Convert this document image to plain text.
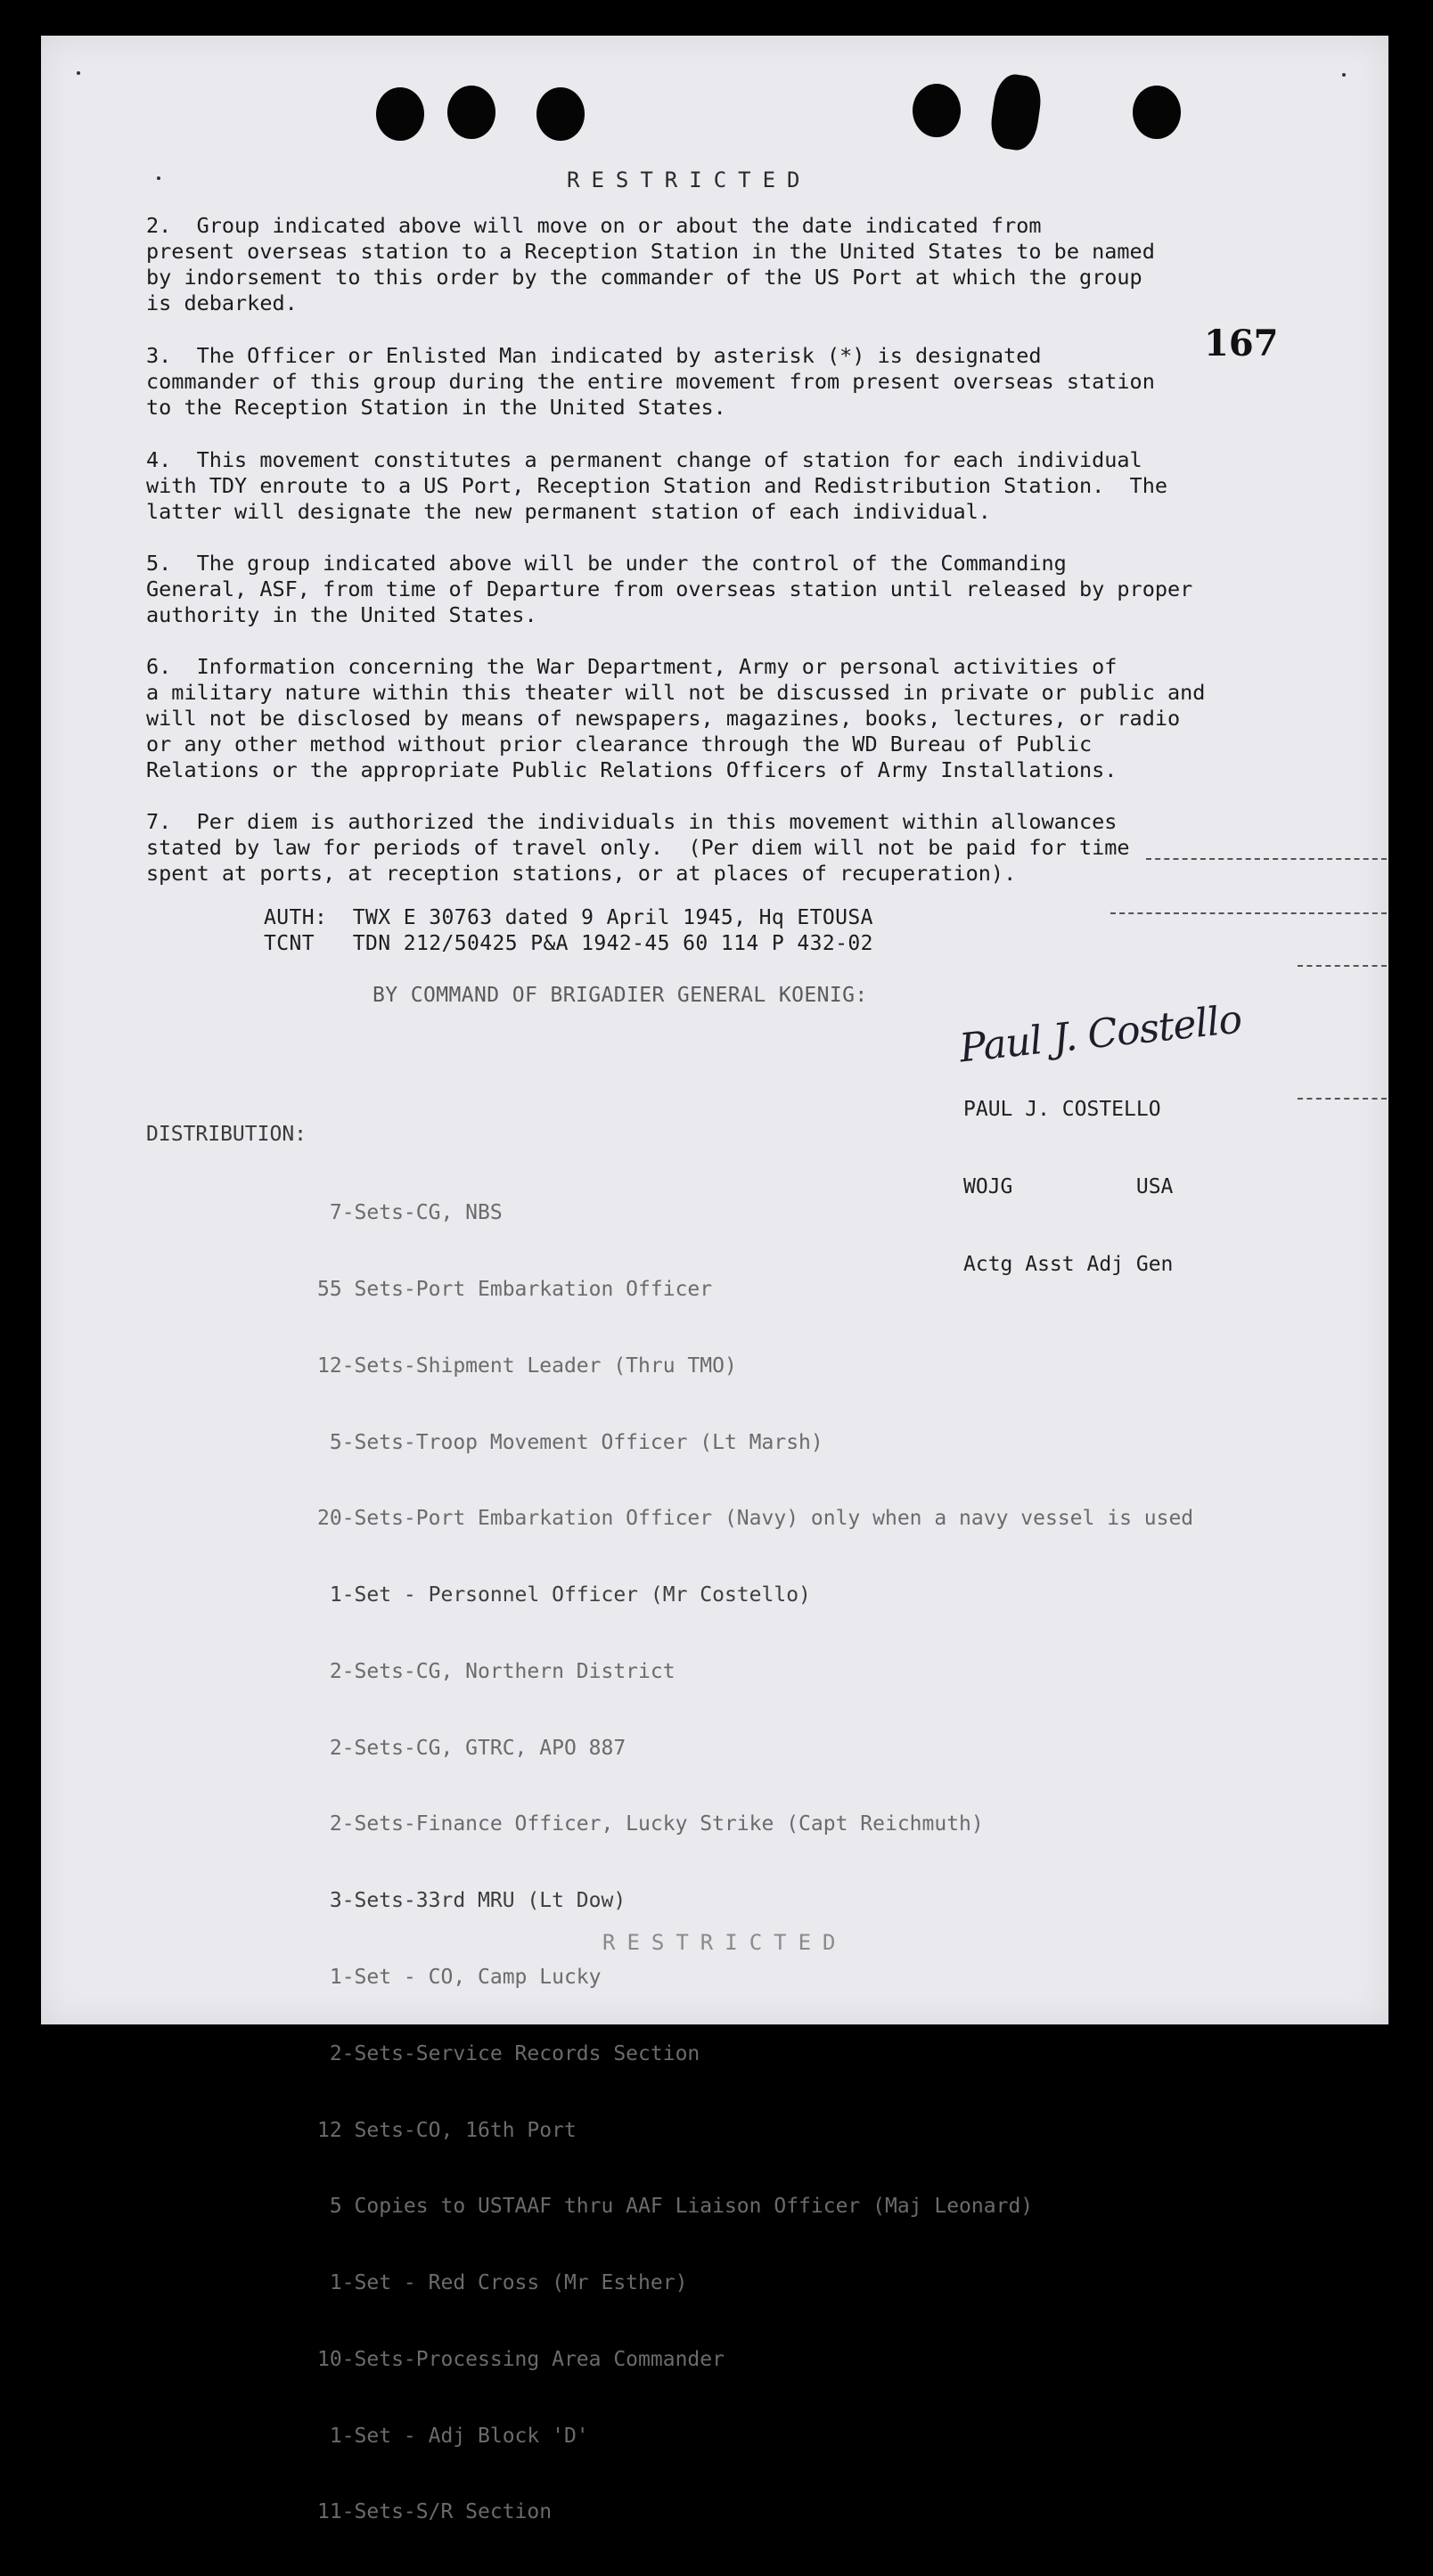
RESTRICTED
167
2.  Group indicated above will move on or about the date indicated from
present overseas station to a Reception Station in the United States to be named
by indorsement to this order by the commander of the US Port at which the group
is debarked.
3.  The Officer or Enlisted Man indicated by asterisk (*) is designated
commander of this group during the entire movement from present overseas station
to the Reception Station in the United States.
4.  This movement constitutes a permanent change of station for each individual
with TDY enroute to a US Port, Reception Station and Redistribution Station.  The
latter will designate the new permanent station of each individual.
5.  The group indicated above will be under the control of the Commanding
General, ASF, from time of Departure from overseas station until released by proper
authority in the United States.
6.  Information concerning the War Department, Army or personal activities of
a military nature within this theater will not be discussed in private or public and
will not be disclosed by means of newspapers, magazines, books, lectures, or radio
or any other method without prior clearance through the WD Bureau of Public
Relations or the appropriate Public Relations Officers of Army Installations.
7.  Per diem is authorized the individuals in this movement within allowances
stated by law for periods of travel only.  (Per diem will not be paid for time
spent at ports, at reception stations, or at places of recuperation).
AUTH:  TWX E 30763 dated 9 April 1945, Hq ETOUSA
TCNT   TDN 212/50425 P&A 1942-45 60 114 P 432-02
BY COMMAND OF BRIGADIER GENERAL KOENIG:
Paul J. Costello

PAUL J. COSTELLO

WOJG          USA

Actg Asst Adj Gen

DISTRIBUTION:

7-Sets-CG, NBS

55 Sets-Port Embarkation Officer

12-Sets-Shipment Leader (Thru TMO)

5-Sets-Troop Movement Officer (Lt Marsh)

20-Sets-Port Embarkation Officer (Navy) only when a navy vessel is used

1-Set - Personnel Officer (Mr Costello)

2-Sets-CG, Northern District

2-Sets-CG, GTRC, APO 887

2-Sets-Finance Officer, Lucky Strike (Capt Reichmuth)

3-Sets-33rd MRU (Lt Dow)

1-Set - CO, Camp Lucky

2-Sets-Service Records Section

12 Sets-CO, 16th Port

5 Copies to USTAAF thru AAF Liaison Officer (Maj Leonard)

1-Set - Red Cross (Mr Esther)

10-Sets-Processing Area Commander

1-Set - Adj Block 'D'

11-Sets-S/R Section

RESTRICTED
